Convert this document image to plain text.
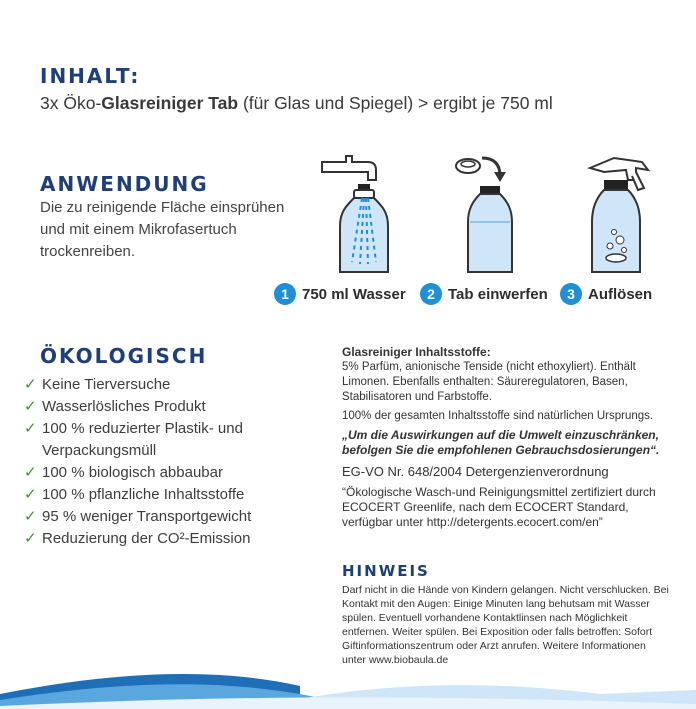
INHALT:
3x Öko-Glasreiniger Tab (für Glas und Spiegel) > ergibt je 750 ml
ANWENDUNG
Die zu reinigende Fläche einsprühen und mit einem Mikrofasertuch trockenreiben.
1 750 ml Wasser	2 Tab einwerfen	3 Auflösen
ÖKOLOGISCH
✓ Keine Tierversuche
✓ Wasserlösliches Produkt
✓ 100 % reduzierter Plastik- und Verpackungsmüll
✓ 100 % biologisch abbaubar
✓ 100 % pflanzliche Inhaltsstoffe
✓ 95 % weniger Transportgewicht
✓ Reduzierung der CO²-Emission

Glasreiniger Inhaltsstoffe:

5% Parfüm, anionische Tenside (nicht ethoxyliert). Enthält Limonen. Ebenfalls enthalten: Säureregulatoren, Basen, Stabilisatoren und Farbstoffe.

100% der gesamten Inhaltsstoffe sind natürlichen Ursprungs.

„Um die Auswirkungen auf die Umwelt einzuschränken, befolgen Sie die empfohlenen Gebrauchsdosierungen“.

EG-VO Nr. 648/2004 Detergenzienverordnung

“Ökologische Wasch-und Reinigungsmittel zertifiziert durch ECOCERT Greenlife, nach dem ECOCERT Standard, verfügbar unter http://detergents.ecocert.com/en”

HINWEIS
Darf nicht in die Hände von Kindern gelangen. Nicht verschlucken. Bei Kontakt mit den Augen: Einige Minuten lang behutsam mit Wasser spülen. Eventuell vorhandene Kontaktlinsen nach Möglichkeit entfernen. Weiter spülen. Bei Exposition oder falls betroffen: Sofort Giftinformationszentrum oder Arzt anrufen. Weitere Informationen unter www.biobaula.de
